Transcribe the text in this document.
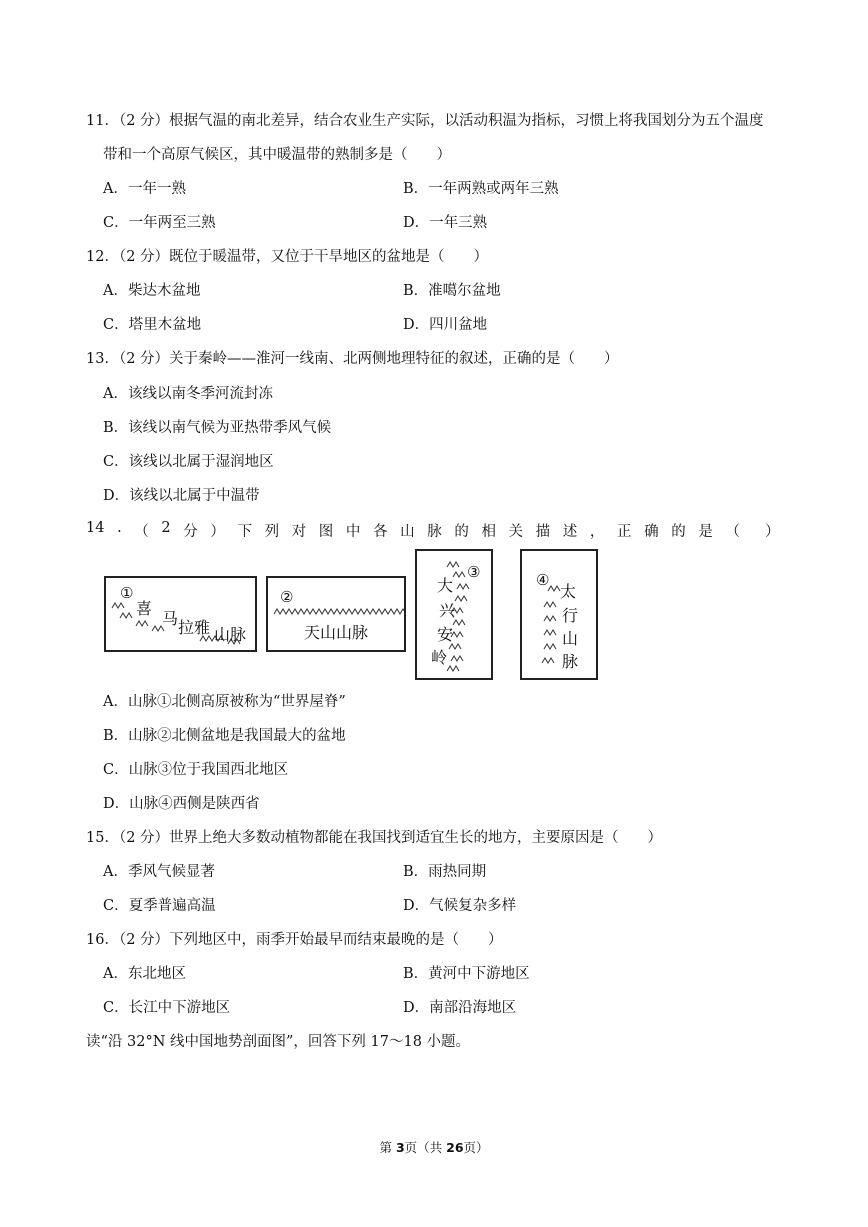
11．（2 分）根据气温的南北差异，结合农业生产实际，以活动积温为指标，习惯上将我国划分为五个温度
带和一个高原气候区，其中暖温带的熟制多是（　　）
A．一年一熟	B．一年两熟或两年三熟
C．一年两至三熟	D．一年三熟
12．（2 分）既位于暖温带，又位于干旱地区的盆地是（　　）
A．柴达木盆地	B．准噶尔盆地
C．塔里木盆地	D．四川盆地
13．（2 分）关于秦岭——淮河一线南、北两侧地理特征的叙述，正确的是（　　）
A．该线以南冬季河流封冻
B．该线以南气候为亚热带季风气候
C．该线以北属于湿润地区
D．该线以北属于中温带
14 . （ 2 分 ） 下 列 对 图 中 各 山 脉 的 相 关 描 述 ， 正 确 的 是 （ ）
①
喜
马 拉雅 山脉
②
天山山脉
③
大
兴
安
岭
④
太
行
山
脉
A．山脉①北侧高原被称为“世界屋脊”
B．山脉②北侧盆地是我国最大的盆地
C．山脉③位于我国西北地区
D．山脉④西侧是陕西省
15．（2 分）世界上绝大多数动植物都能在我国找到适宜生长的地方，主要原因是（　　）
A．季风气候显著	B．雨热同期
C．夏季普遍高温	D．气候复杂多样
16．（2 分）下列地区中，雨季开始最早而结束最晚的是（　　）
A．东北地区	B．黄河中下游地区
C．长江中下游地区	D．南部沿海地区
读“沿 32°N 线中国地势剖面图”，回答下列 17～18 小题。
第 3页（共 26页）
